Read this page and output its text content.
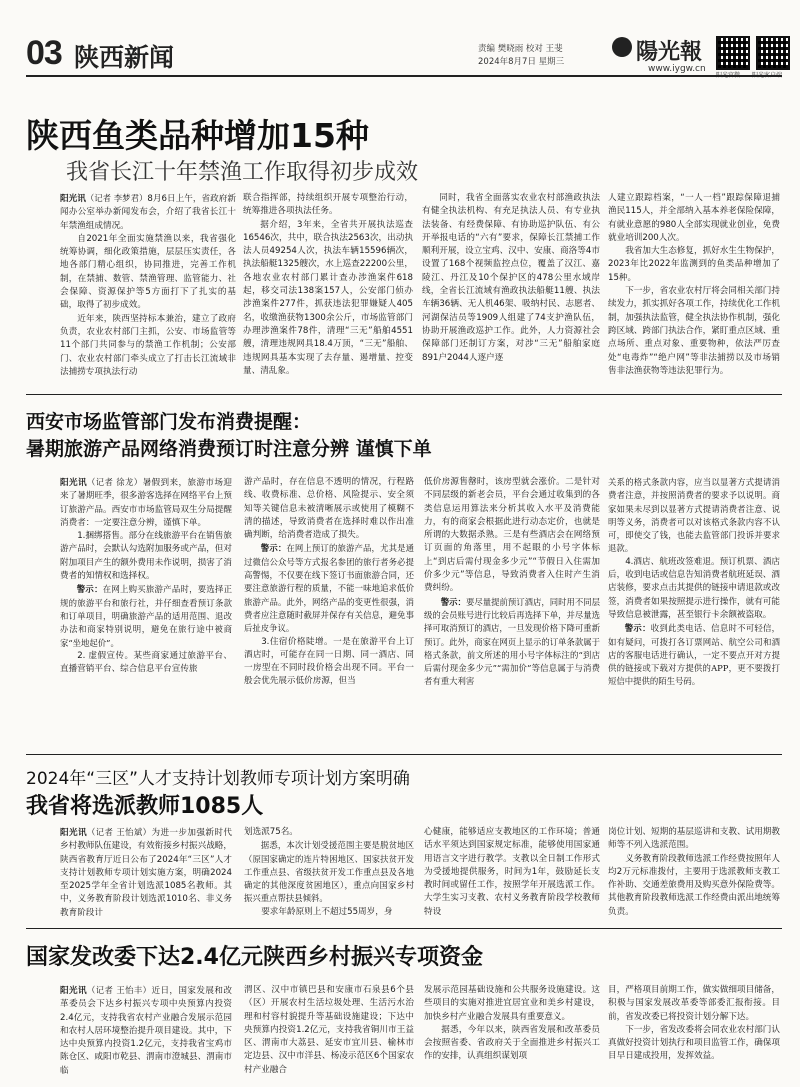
03 陕西新闻	责编 樊晓雨 校对 王斐
2024年8月7日 星期三	陽光報
www.iygw.cn
陕西鱼类品种增加15种
我省长江十年禁渔工作取得初步成效

阳光讯（记者 李梦君）8月6日上午，省政府新闻办公室举办新闻发布会，介绍了我省长江十年禁渔组成情况。

自2021年全面实施禁渔以来，我省强化统筹协调，细化政策措施，层层压实责任，各地各部门精心组织，协同推进，完善工作机制，在禁捕、数管、禁渔管理、监管能力、社会保障、资源保护等5方面打下了扎实的基础，取得了初步成效。

近年来，陕西坚持标本兼治，建立了政府负责，农业农村部门主抓，公安、市场监管等11个部门共同参与的禁渔工作机制；公安部门、农业农村部门牵头成立了打击长江流域非法捕捞专项执法行动

联合指挥部，持续组织开展专项整治行动，统筹推进各项执法任务。

据介绍，3年来，全省共开展执法巡查16546次，共中，联合执法2563次，出动执法人员49254人次，执法车辆15596辆次，执法船艇1325艘次，水上巡查22200公里，各地农业农村部门累计查办涉渔案件618起，移交司法138案157人，公安部门侦办涉渔案件277件，抓获违法犯罪嫌疑人405名，收缴渔获物1300余公斤，市场监管部门办理涉渔案件78件，清理“三无”船舶4551艘，清理违规网具18.4万顶，“三无”船舶、违规网具基本实现了去存量、遏增量、控变量、清乱象。

同时，我省全面落实农业农村部渔政执法有健全执法机构、有充足执法人员、有专业执法装备、有经费保障、有协助巡护队伍、有公开举报电话的“六有”要求，保障长江禁捕工作顺利开展，设立宝鸡、汉中、安康、商洛等4市设置了168个视频监控点位，覆盖了汉江、嘉陵江、丹江及10个保护区的478公里水域岸线，全省长江流域有渔政执法船艇11艘、执法车辆36辆、无人机46架、吸纳村民、志愿者、河湖保洁员等1909人组建了74支护渔队伍，协助开展渔政巡护工作。此外，人力资源社会保障部门还制订方案，对涉“三无”船舶家庭891户2044人逐户逐

人建立跟踪档案，“一人一档”跟踪保障退捕渔民115人，并全部纳入基本养老保险保障，有就业意愿的980人全部实现就业创业，免费就业培训200人次。

我省加大生态修复，抓好水生生物保护，2023年比2022年监测到的鱼类品种增加了15种。

下一步，省农业农村厅将会同相关部门持续发力，抓实抓好各项工作，持续优化工作机制，加强执法监管，健全执法协作机制，强化跨区域、跨部门执法合作，紧盯重点区域、重点场所、重点对象、重要物种，依法严厉查处“电毒炸”“绝户网”等非法捕捞以及市场销售非法渔获物等违法犯罪行为。

西安市场监管部门发布消费提醒：
暑期旅游产品网络消费预订时注意分辨 谨慎下单

阳光讯（记者 徐龙）暑假到来，旅游市场迎来了暑期旺季，很多游客选择在网络平台上预订旅游产品。西安市市场监管局双生分局提醒消费者：一定要注意分辨，谨慎下单。

1.捆绑搭售。部分在线旅游平台在销售旅游产品时，会默认勾选附加服务或产品，但对附加项目产生的额外费用未作说明，损害了消费者的知情权和选择权。

警示：在网上购买旅游产品时，要选择正规的旅游平台和旅行社，并仔细查看预订条款和订单项目，明确旅游产品的适用范围、退改办法和商家特别说明，避免在旅行途中被商家“坐地起价”。

2. 虚假宣传。某些商家通过旅游平台、直播营销平台、综合信息平台宣传旅

游产品时，存在信息不透明的情况，行程路线、收费标准、总价格、风险提示、安全须知等关键信息未被清晰展示或使用了模糊不清的描述，导致消费者在选择时难以作出准确判断，给消费者造成了损失。

警示：在网上预订的旅游产品，尤其是通过微信公众号等方式报名参团的旅行者务必提高警惕，不仅要在线下签订书面旅游合同，还要注意旅游行程的质量，不能一味地追求低价旅游产品。此外，网络产品的变更性很强，消费者应注意随时截屏并保存有关信息，避免事后扯皮争议。

3.住宿价格陡增。一是在旅游平台上订酒店时，可能存在同一日期、同一酒店、同一房型在不同时段价格会出现不同。平台一般会优先展示低价房源，但当

低价房源售罄时，该房型就会涨价。二是针对不同层级的新老会员，平台会通过收集到的各类信息运用算法来分析其收入水平及消费能力，有的商家会根据此进行动态定价，也就是所谓的大数据杀熟。三是有些酒店会在网络预订页面的角落里，用不起眼的小号字体标上“到店后需付现金多少元”“节假日入住需加价多少元”等信息，导致消费者入住时产生消费纠纷。

警示：要尽量提前预订酒店，同时用不同层级的会员账号进行比较后再选择下单，并尽量选择可取消预订的酒店，一旦发现价格下降可重新预订。此外，商家在网页上显示的订单条款属于格式条款，前文所述的用小号字体标注的“到店后需付现金多少元”“需加价”等信息属于与消费者有重大利害

关系的格式条款内容，应当以显著方式提请消费者注意，并按照消费者的要求予以说明。商家如果未尽到以显著方式提请消费者注意、说明等义务，消费者可以对该格式条款内容不认可，即使交了钱，也能去监管部门投诉并要求退款。

4.酒店、航班改签难退。预订机票、酒店后，收到电话或信息告知消费者航班延误、酒店装修，要求点击其提供的链接申请退款或改签，消费者如果按照提示进行操作，就有可能导致信息被泄露，甚至银行卡余额被盗取。

警示：收到此类电话、信息时不可轻信，如有疑问，可拨打各订票网站、航空公司和酒店的客服电话进行确认，一定不要点开对方提供的链接或下载对方提供的APP，更不要拨打短信中提供的陌生号码。

2024年“三区”人才支持计划教师专项计划方案明确
我省将选派教师1085人

阳光讯（记者 王怡斌）为进一步加强新时代乡村教师队伍建设，有效衔接乡村振兴战略，陕西省教育厅近日公布了2024年“三区”人才支持计划教师专项计划实施方案，明确2024至2025学年全省计划选派1085名教师。其中，义务教育阶段计划选派1010名、非义务教育阶段计

划选派75名。

据悉，本次计划受援范围主要是脱贫地区（原国家确定的连片特困地区、国家扶贫开发工作重点县、省级扶贫开发工作重点县及各地确定的其他深度贫困地区），重点向国家乡村振兴重点帮扶县倾斜。

要求年龄原则上不超过55周岁，身

心健康，能够适应支教地区的工作环境；普通话水平须达到国家规定标准，能够使用国家通用语言文字进行教学。支教以全日制工作形式为受援地提供服务，时间为1年，鼓励延长支教时间或留任工作，按照学年开展选派工作。大学生实习支教、农村义务教育阶段学校教师特设

岗位计划、短期的基层巡讲和支教、试用期教师等不列入选派范围。

义务教育阶段教师选派工作经费按照年人均2万元标准拨付，主要用于选派教师支教工作补助、交通差旅费用及购买意外保险费等。其他教育阶段教师选派工作经费由派出地统筹负责。

国家发改委下达2.4亿元陕西乡村振兴专项资金

阳光讯（记者 王怡丰）近日，国家发展和改革委员会下达乡村振兴专项中央预算内投资2.4亿元，支持我省农村产业融合发展示范园和农村人居环境整治提升项目建设。其中，下达中央预算内投资1.2亿元，支持我省宝鸡市陈仓区、咸阳市乾县、渭南市澄城县、渭南市临

渭区、汉中市镇巴县和安康市石泉县6个县（区）开展农村生活垃圾处理、生活污水治理和村容村貌提升等基础设施建设；下达中央预算内投资1.2亿元，支持我省铜川市王益区、渭南市大荔县、延安市宜川县、榆林市定边县、汉中市洋县、杨凌示范区6个国家农村产业融合

发展示范园基础设施和公共服务设施建设。这些项目的实施对推进宜居宜业和美乡村建设，加快乡村产业融合发展具有重要意义。

据悉，今年以来，陕西省发展和改革委员会按照省委、省政府关于全面推进乡村振兴工作的安排，认真组织谋划项

目，严格项目前期工作，做实做细项目储备，积极与国家发展改革委等部委汇报衔接。目前，省发改委已将投资计划分解下达。

下一步，省发改委将会同农业农村部门认真做好投资计划执行和项目监管工作，确保项目早日建成投用，发挥效益。
